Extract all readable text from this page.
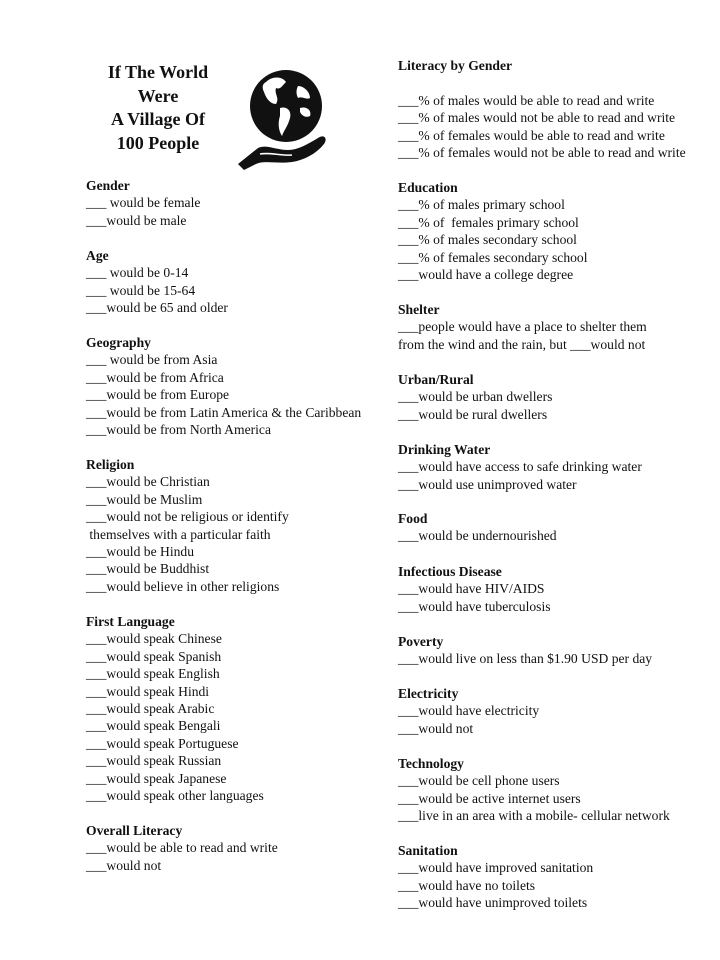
If The World
Were
A Village Of
100 People
Gender
___ would be female
___would be male
Age
___ would be 0-14
___ would be 15-64
___would be 65 and older
Geography
___ would be from Asia
___would be from Africa
___would be from Europe
___would be from Latin America & the Caribbean
___would be from North America
Religion
___would be Christian
___would be Muslim
___would not be religious or identify
themselves with a particular faith
___would be Hindu
___would be Buddhist
___would believe in other religions
First Language
___would speak Chinese
___would speak Spanish
___would speak English
___would speak Hindi
___would speak Arabic
___would speak Bengali
___would speak Portuguese
___would speak Russian
___would speak Japanese
___would speak other languages
Overall Literacy
___would be able to read and write
___would not
Literacy by Gender
___% of males would be able to read and write
___% of males would not be able to read and write
___% of females would be able to read and write
___% of females would not be able to read and write
Education
___% of males primary school
___% of  females primary school
___% of males secondary school
___% of females secondary school
___would have a college degree
Shelter
___people would have a place to shelter them
from the wind and the rain, but ___would not
Urban/Rural
___would be urban dwellers
___would be rural dwellers
Drinking Water
___would have access to safe drinking water
___would use unimproved water
Food
___would be undernourished
Infectious Disease
___would have HIV/AIDS
___would have tuberculosis
Poverty
___would live on less than $1.90 USD per day
Electricity
___would have electricity
___would not
Technology
___would be cell phone users
___would be active internet users
___live in an area with a mobile- cellular network
Sanitation
___would have improved sanitation
___would have no toilets
___would have unimproved toilets
